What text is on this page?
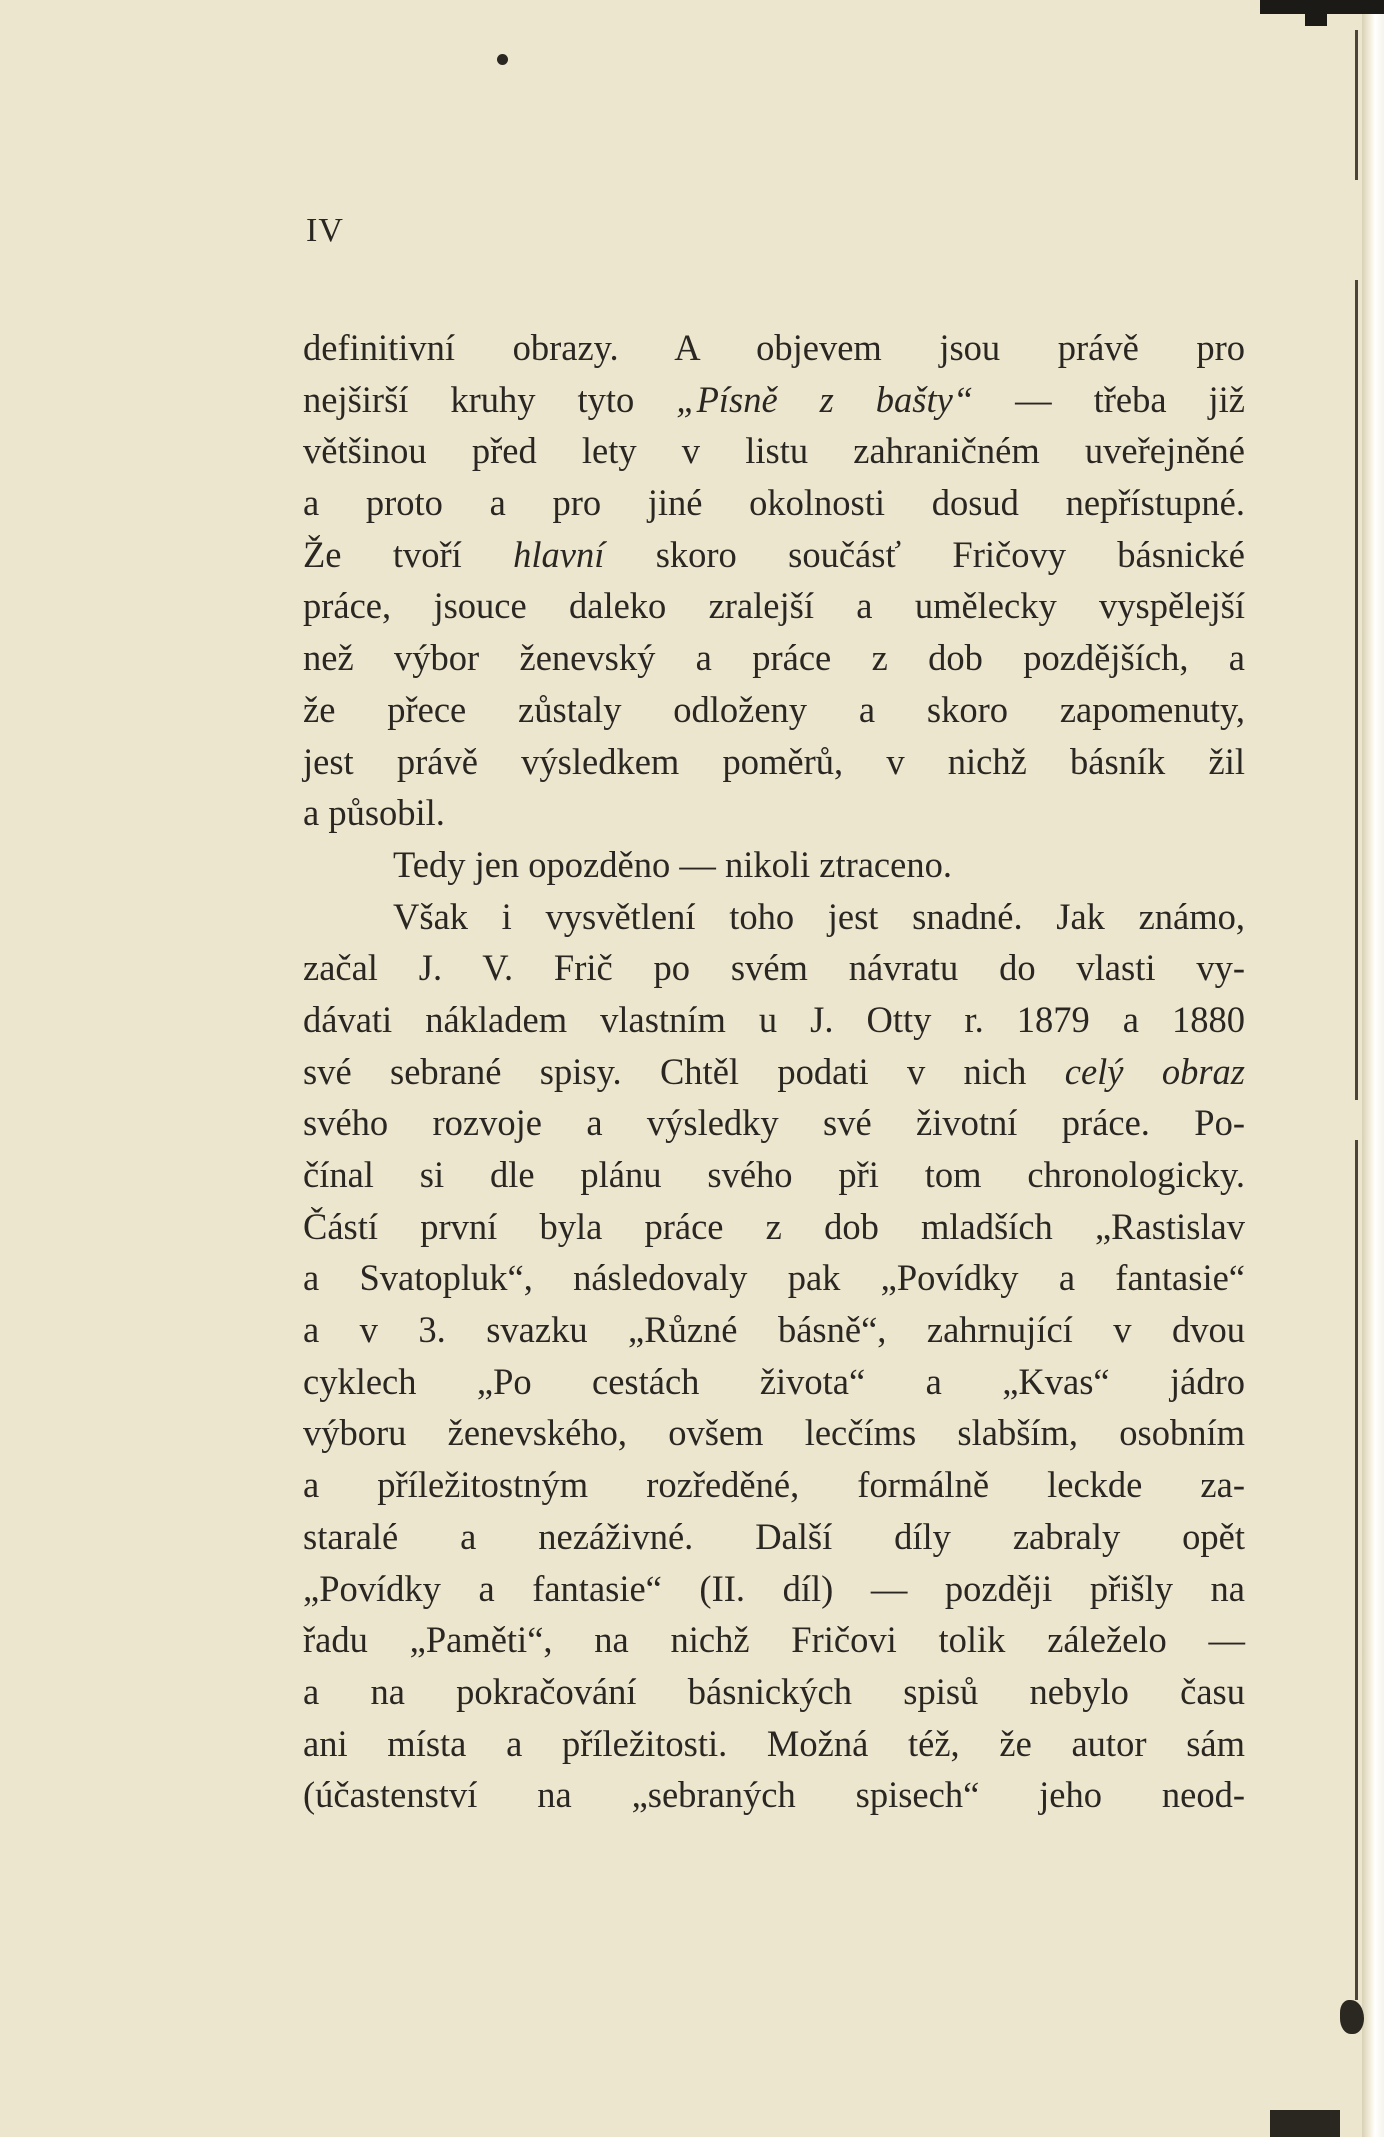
IV
definitivní obrazy. A objevem jsou právě pro
nejširší kruhy tyto „Písně z bašty“ — třeba již
většinou před lety v listu zahraničném uveřejněné
a proto a pro jiné okolnosti dosud nepřístupné.
Že tvoří hlavní skoro součásť Fričovy básnické
práce, jsouce daleko zralejší a umělecky vyspělejší
než výbor ženevský a práce z dob pozdějších, a
že přece zůstaly odloženy a skoro zapomenuty,
jest právě výsledkem poměrů, v nichž básník žil
a působil.
Tedy jen opozděno — nikoli ztraceno.
Však i vysvětlení toho jest snadné. Jak známo,
začal J. V. Frič po svém návratu do vlasti vy-
dávati nákladem vlastním u J. Otty r. 1879 a 1880
své sebrané spisy. Chtěl podati v nich celý obraz
svého rozvoje a výsledky své životní práce. Po-
čínal si dle plánu svého při tom chronologicky.
Částí první byla práce z dob mladších „Rastislav
a Svatopluk“, následovaly pak „Povídky a fantasie“
a v 3. svazku „Různé básně“, zahrnující v dvou
cyklech „Po cestách života“ a „Kvas“ jádro
výboru ženevského, ovšem lecčíms slabším, osobním
a příležitostným rozředěné, formálně leckde za-
staralé a nezáživné. Další díly zabraly opět
„Povídky a fantasie“ (II. díl) — později přišly na
řadu „Paměti“, na nichž Fričovi tolik záleželo —
a na pokračování básnických spisů nebylo času
ani místa a příležitosti. Možná též, že autor sám
(účastenství na „sebraných spisech“ jeho neod-
